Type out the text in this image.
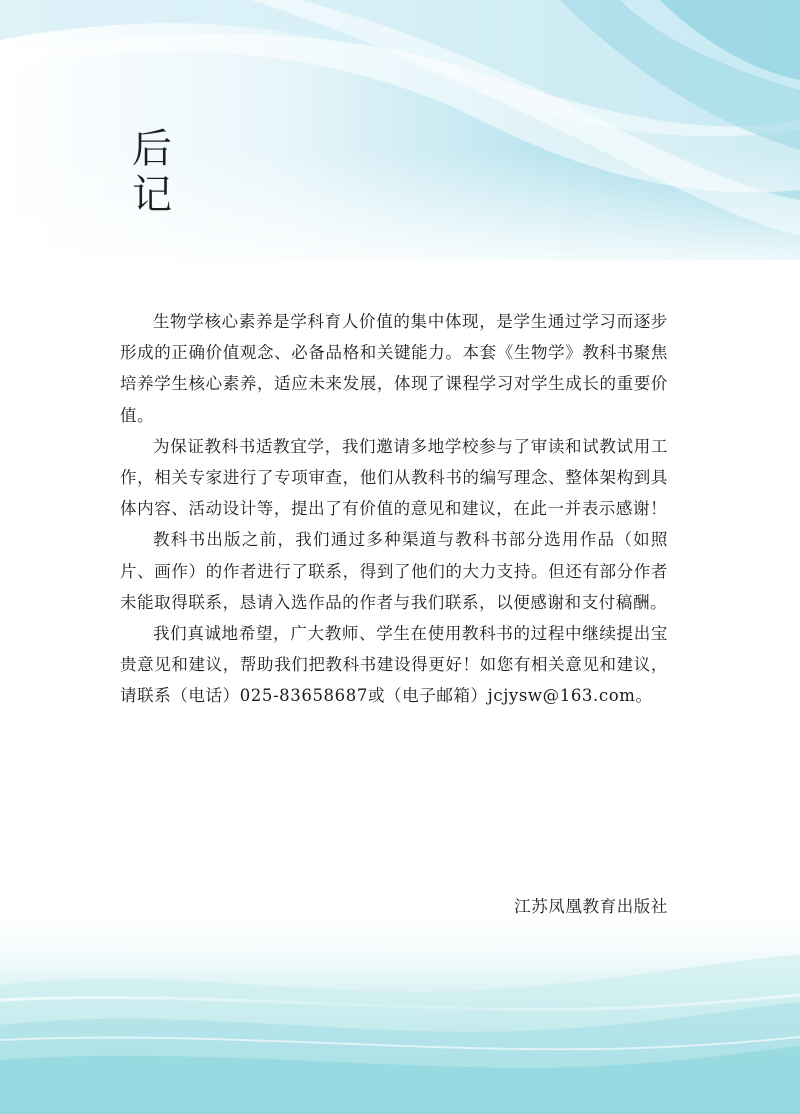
后
记

生物学核心素养是学科育人价值的集中体现，是学生通过学习而逐步形成的正确价值观念、必备品格和关键能力。本套《生物学》教科书聚焦培养学生核心素养，适应未来发展，体现了课程学习对学生成长的重要价值。

为保证教科书适教宜学，我们邀请多地学校参与了审读和试教试用工作，相关专家进行了专项审查，他们从教科书的编写理念、整体架构到具体内容、活动设计等，提出了有价值的意见和建议，在此一并表示感谢！

教科书出版之前，我们通过多种渠道与教科书部分选用作品（如照片、画作）的作者进行了联系，得到了他们的大力支持。但还有部分作者未能取得联系，恳请入选作品的作者与我们联系，以便感谢和支付稿酬。

我们真诚地希望，广大教师、学生在使用教科书的过程中继续提出宝贵意见和建议，帮助我们把教科书建设得更好！如您有相关意见和建议，请联系（电话）025-83658687或（电子邮箱）jcjysw@163.com。

江苏凤凰教育出版社
